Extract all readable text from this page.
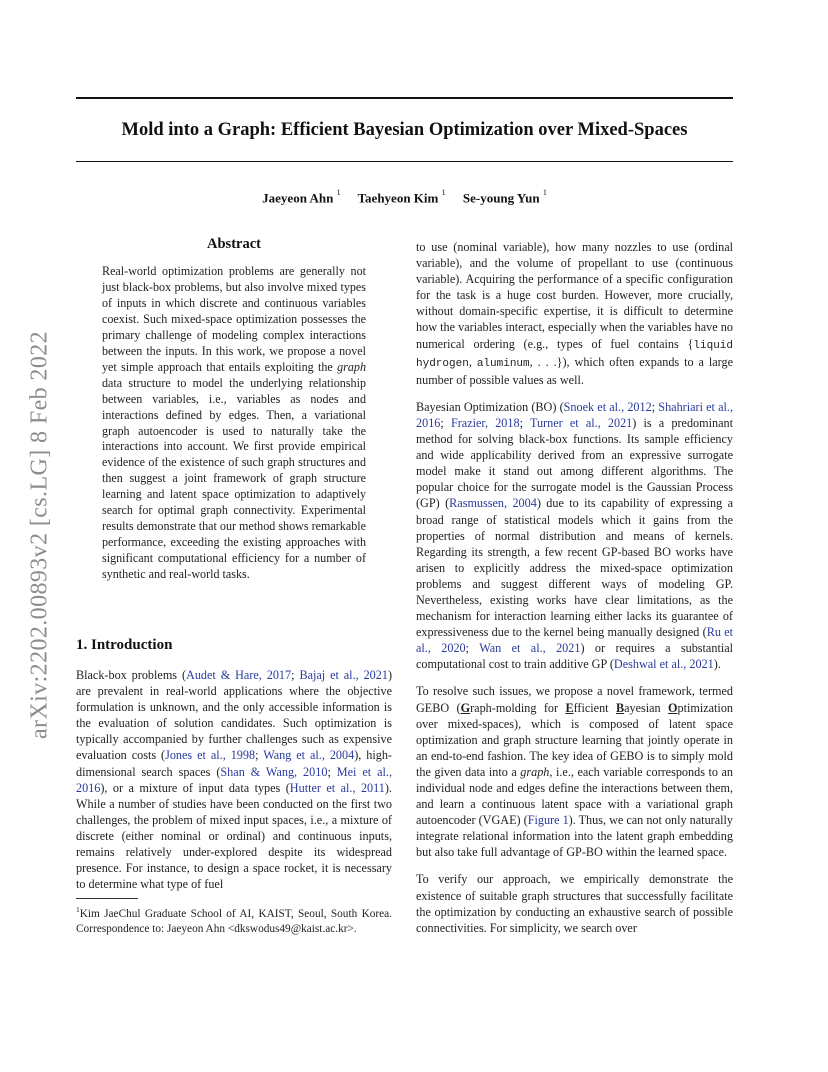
Mold into a Graph: Efficient Bayesian Optimization over Mixed-Spaces
Jaeyeon Ahn $^1$ Taehyeon Kim $^1$ Se-young Yun $^1$
arXiv:2202.00893v2 [cs.LG] 8 Feb 2022
Abstract
Real-world optimization problems are generally not just black-box problems, but also involve mixed types of inputs in which discrete and continuous variables coexist. Such mixed-space optimization possesses the primary challenge of modeling complex interactions between the inputs. In this work, we propose a novel yet simple approach that entails exploiting the graph data structure to model the underlying relationship between variables, i.e., variables as nodes and interactions defined by edges. Then, a variational graph autoencoder is used to naturally take the interactions into account. We first provide empirical evidence of the existence of such graph structures and then suggest a joint framework of graph structure learning and latent space optimization to adaptively search for optimal graph connectivity. Experimental results demonstrate that our method shows remarkable performance, exceeding the existing approaches with significant computational efficiency for a number of synthetic and real-world tasks.
1. Introduction

Black-box problems (Audet & Hare, 2017; Bajaj et al., 2021) are prevalent in real-world applications where the objective formulation is unknown, and the only accessible information is the evaluation of solution candidates. Such optimization is typically accompanied by further challenges such as expensive evaluation costs (Jones et al., 1998; Wang et al., 2004), high-dimensional search spaces (Shan & Wang, 2010; Mei et al., 2016), or a mixture of input data types (Hutter et al., 2011). While a number of studies have been conducted on the first two challenges, the problem of mixed input spaces, i.e., a mixture of discrete (either nominal or ordinal) and continuous inputs, remains relatively under-explored despite its widespread presence. For instance, to design a space rocket, it is necessary to determine what type of fuel

$^1$Kim JaeChul Graduate School of AI, KAIST, Seoul, South Korea. Correspondence to: Jaeyeon Ahn <dkswodus49@kaist.ac.kr>.

to use (nominal variable), how many nozzles to use (ordinal variable), and the volume of propellant to use (continuous variable). Acquiring the performance of a specific configuration for the task is a huge cost burden. However, more crucially, without domain-specific expertise, it is difficult to determine how the variables interact, especially when the variables have no numerical ordering (e.g., types of fuel contains {liquid hydrogen, aluminum, . . .}), which often expands to a large number of possible values as well.

Bayesian Optimization (BO) (Snoek et al., 2012; Shahriari et al., 2016; Frazier, 2018; Turner et al., 2021) is a predominant method for solving black-box functions. Its sample efficiency and wide applicability derived from an expressive surrogate model make it stand out among different algorithms. The popular choice for the surrogate model is the Gaussian Process (GP) (Rasmussen, 2004) due to its capability of expressing a broad range of statistical models which it gains from the properties of normal distribution and means of kernels. Regarding its strength, a few recent GP-based BO works have arisen to explicitly address the mixed-space optimization problems and suggest different ways of modeling GP. Nevertheless, existing works have clear limitations, as the mechanism for interaction learning either lacks its guarantee of expressiveness due to the kernel being manually designed (Ru et al., 2020; Wan et al., 2021) or requires a substantial computational cost to train additive GP (Deshwal et al., 2021).

To resolve such issues, we propose a novel framework, termed GEBO (Graph-molding for Efficient Bayesian Optimization over mixed-spaces), which is composed of latent space optimization and graph structure learning that jointly operate in an end-to-end fashion. The key idea of GEBO is to simply mold the given data into a graph, i.e., each variable corresponds to an individual node and edges define the interactions between them, and learn a continuous latent space with a variational graph autoencoder (VGAE) (Figure 1). Thus, we can not only naturally integrate relational information into the latent graph embedding but also take full advantage of GP-BO within the learned space.

To verify our approach, we empirically demonstrate the existence of suitable graph structures that successfully facilitate the optimization by conducting an exhaustive search of possible connectivities. For simplicity, we search over
